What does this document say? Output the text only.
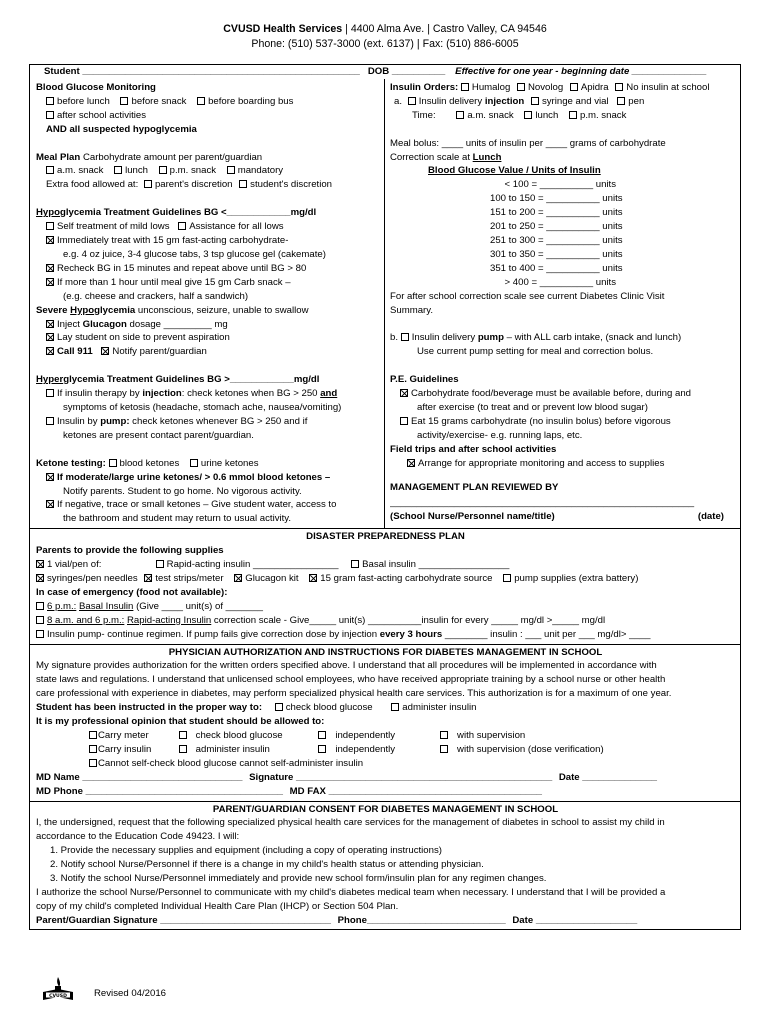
CVUSD Health Services | 4400 Alma Ave. | Castro Valley, CA 94546
Phone: (510) 537-3000 (ext. 6137) | Fax: (510) 886-6005
Student ____________________________________________________ DOB __________ Effective for one year - beginning date ______________
Blood Glucose Monitoring
before lunch before snack before boarding bus
after school activities
AND all suspected hypoglycemia
Meal Plan Carbohydrate amount per parent/guardian
a.m. snack lunch p.m. snack mandatory
Extra food allowed at: parent's discretion student's discretion
Hypoglycemia Treatment Guidelines BG <____________mg/dl
Self treatment of mild lows Assistance for all lows
Immediately treat with 15 gm fast-acting carbohydrate-
e.g. 4 oz juice, 3-4 glucose tabs, 3 tsp glucose gel (cakemate)
Recheck BG in 15 minutes and repeat above until BG > 80
If more than 1 hour until meal give 15 gm Carb snack –
(e.g. cheese and crackers, half a sandwich)
Severe Hypoglycemia unconscious, seizure, unable to swallow
Inject Glucagon dosage _________ mg
Lay student on side to prevent aspiration
Call 911 Notify parent/guardian
Hyperglycemia Treatment Guidelines BG >____________mg/dl
If insulin therapy by injection: check ketones when BG > 250 and
symptoms of ketosis (headache, stomach ache, nausea/vomiting)
Insulin by pump: check ketones whenever BG > 250 and if
ketones are present contact parent/guardian.
Ketone testing: blood ketones urine ketones
If moderate/large urine ketones/ > 0.6 mmol blood ketones –
Notify parents. Student to go home. No vigorous activity.
If negative, trace or small ketones – Give student water, access to
the bathroom and student may return to usual activity.
Insulin Orders: Humalog Novolog Apidra No insulin at school
a. Insulin delivery injection syringe and vial pen
Time:	a.m. snack lunch p.m. snack
Meal bolus: ____ units of insulin per ____ grams of carbohydrate
Correction scale at Lunch
Blood Glucose Value / Units of Insulin
< 100 = __________ units
100 to 150 = __________ units
151 to 200 = __________ units
201 to 250 = __________ units
251 to 300 = __________ units
301 to 350 = __________ units
351 to 400 = __________ units
> 400 = __________ units
For after school correction scale see current Diabetes Clinic Visit
Summary.
b. Insulin delivery pump – with ALL carb intake, (snack and lunch)
Use current pump setting for meal and correction bolus.
P.E. Guidelines
Carbohydrate food/beverage must be available before, during and
after exercise (to treat and or prevent low blood sugar)
Eat 15 grams carbohydrate (no insulin bolus) before vigorous
activity/exercise- e.g. running laps, etc.
Field trips and after school activities
Arrange for appropriate monitoring and access to supplies
MANAGEMENT PLAN REVIEWED BY
_________________________________________________________
(School Nurse/Personnel name/title)	(date)
DISASTER PREPAREDNESS PLAN
Parents to provide the following supplies
1 vial/pen of:	Rapid-acting insulin ________________ Basal insulin _________________
syringes/pen needles test strips/meter Glucagon kit 15 gram fast-acting carbohydrate source pump supplies (extra battery)
In case of emergency (food not available):
6 p.m.: Basal Insulin (Give ____ unit(s) of _______
8 a.m. and 6 p.m.: Rapid-acting Insulin correction scale - Give_____ unit(s) __________insulin for every _____ mg/dl >_____ mg/dl
Insulin pump- continue regimen. If pump fails give correction dose by injection every 3 hours ________ insulin : ___ unit per ___ mg/dl> ____
PHYSICIAN AUTHORIZATION AND INSTRUCTIONS FOR DIABETES MANAGEMENT IN SCHOOL
My signature provides authorization for the written orders specified above. I understand that all procedures will be implemented in accordance with
state laws and regulations. I understand that unlicensed school employees, who have received appropriate training by a school nurse or other health
care professional with experience in diabetes, may perform specialized physical health care services. This authorization is for a maximum of one year.
Student has been instructed in the proper way to: check blood glucose	administer insulin
It is my professional opinion that student should be allowed to:
Carry meter	check blood glucose	independently	with supervision
Carry insulin	administer insulin	independently	with supervision (dose verification)
Cannot self-check blood glucose cannot self-administer insulin
MD Name ______________________________ Signature ________________________________________________ Date ______________
MD Phone _____________________________________ MD FAX ________________________________________
PARENT/GUARDIAN CONSENT FOR DIABETES MANAGEMENT IN SCHOOL
I, the undersigned, request that the following specialized physical health care services for the management of diabetes in school to assist my child in
accordance to the Education Code 49423. I will:
1. Provide the necessary supplies and equipment (including a copy of operating instructions)
2. Notify school Nurse/Personnel if there is a change in my child's health status or attending physician.
3. Notify the school Nurse/Personnel immediately and provide new school form/insulin plan for any regimen changes.
I authorize the school Nurse/Personnel to communicate with my child's diabetes medical team when necessary. I understand that I will be provided a
copy of my child's completed Individual Health Care Plan (IHCP) or Section 504 Plan.
Parent/Guardian Signature ________________________________ Phone__________________________ Date ___________________
CVUSD	Revised 04/2016
